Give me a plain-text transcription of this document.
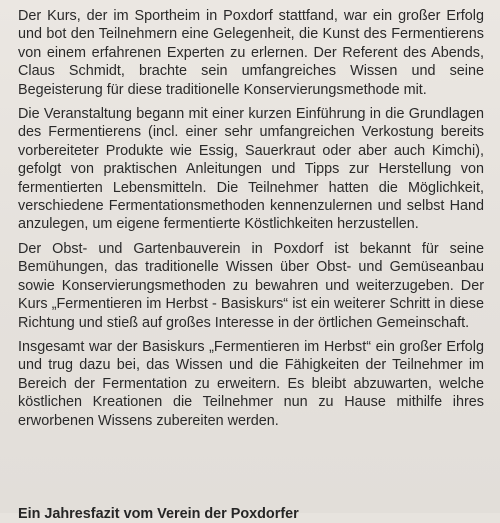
Der Kurs, der im Sportheim in Poxdorf stattfand, war ein großer Erfolg und bot den Teilnehmern eine Gelegenheit, die Kunst des Fermentierens von einem erfahrenen Experten zu erlernen. Der Referent des Abends, Claus Schmidt, brachte sein umfangreiches Wissen und seine Begeisterung für diese traditionelle Konservierungsmethode mit.

Die Veranstaltung begann mit einer kurzen Einführung in die Grundlagen des Fermentierens (incl. einer sehr umfangreichen Verkostung bereits vorbereiteter Produkte wie Essig, Sauerkraut oder aber auch Kimchi), gefolgt von praktischen Anleitungen und Tipps zur Herstellung von fermentierten Lebensmitteln. Die Teilnehmer hatten die Möglichkeit, verschiedene Fermentationsmethoden kennenzulernen und selbst Hand anzulegen, um eigene fermentierte Köstlichkeiten herzustellen.

Der Obst- und Gartenbauverein in Poxdorf ist bekannt für seine Bemühungen, das traditionelle Wissen über Obst- und Gemüseanbau sowie Konservierungsmethoden zu bewahren und weiterzugeben. Der Kurs „Fermentieren im Herbst - Basiskurs“ ist ein weiterer Schritt in diese Richtung und stieß auf großes Interesse in der örtlichen Gemeinschaft.

Insgesamt war der Basiskurs „Fermentieren im Herbst“ ein großer Erfolg und trug dazu bei, das Wissen und die Fähigkeiten der Teilnehmer im Bereich der Fermentation zu erweitern. Es bleibt abzuwarten, welche köstlichen Kreationen die Teilnehmer nun zu Hause mithilfe ihres erworbenen Wissens zubereiten werden.

Ein Jahresfazit vom Verein der Poxdorfer
